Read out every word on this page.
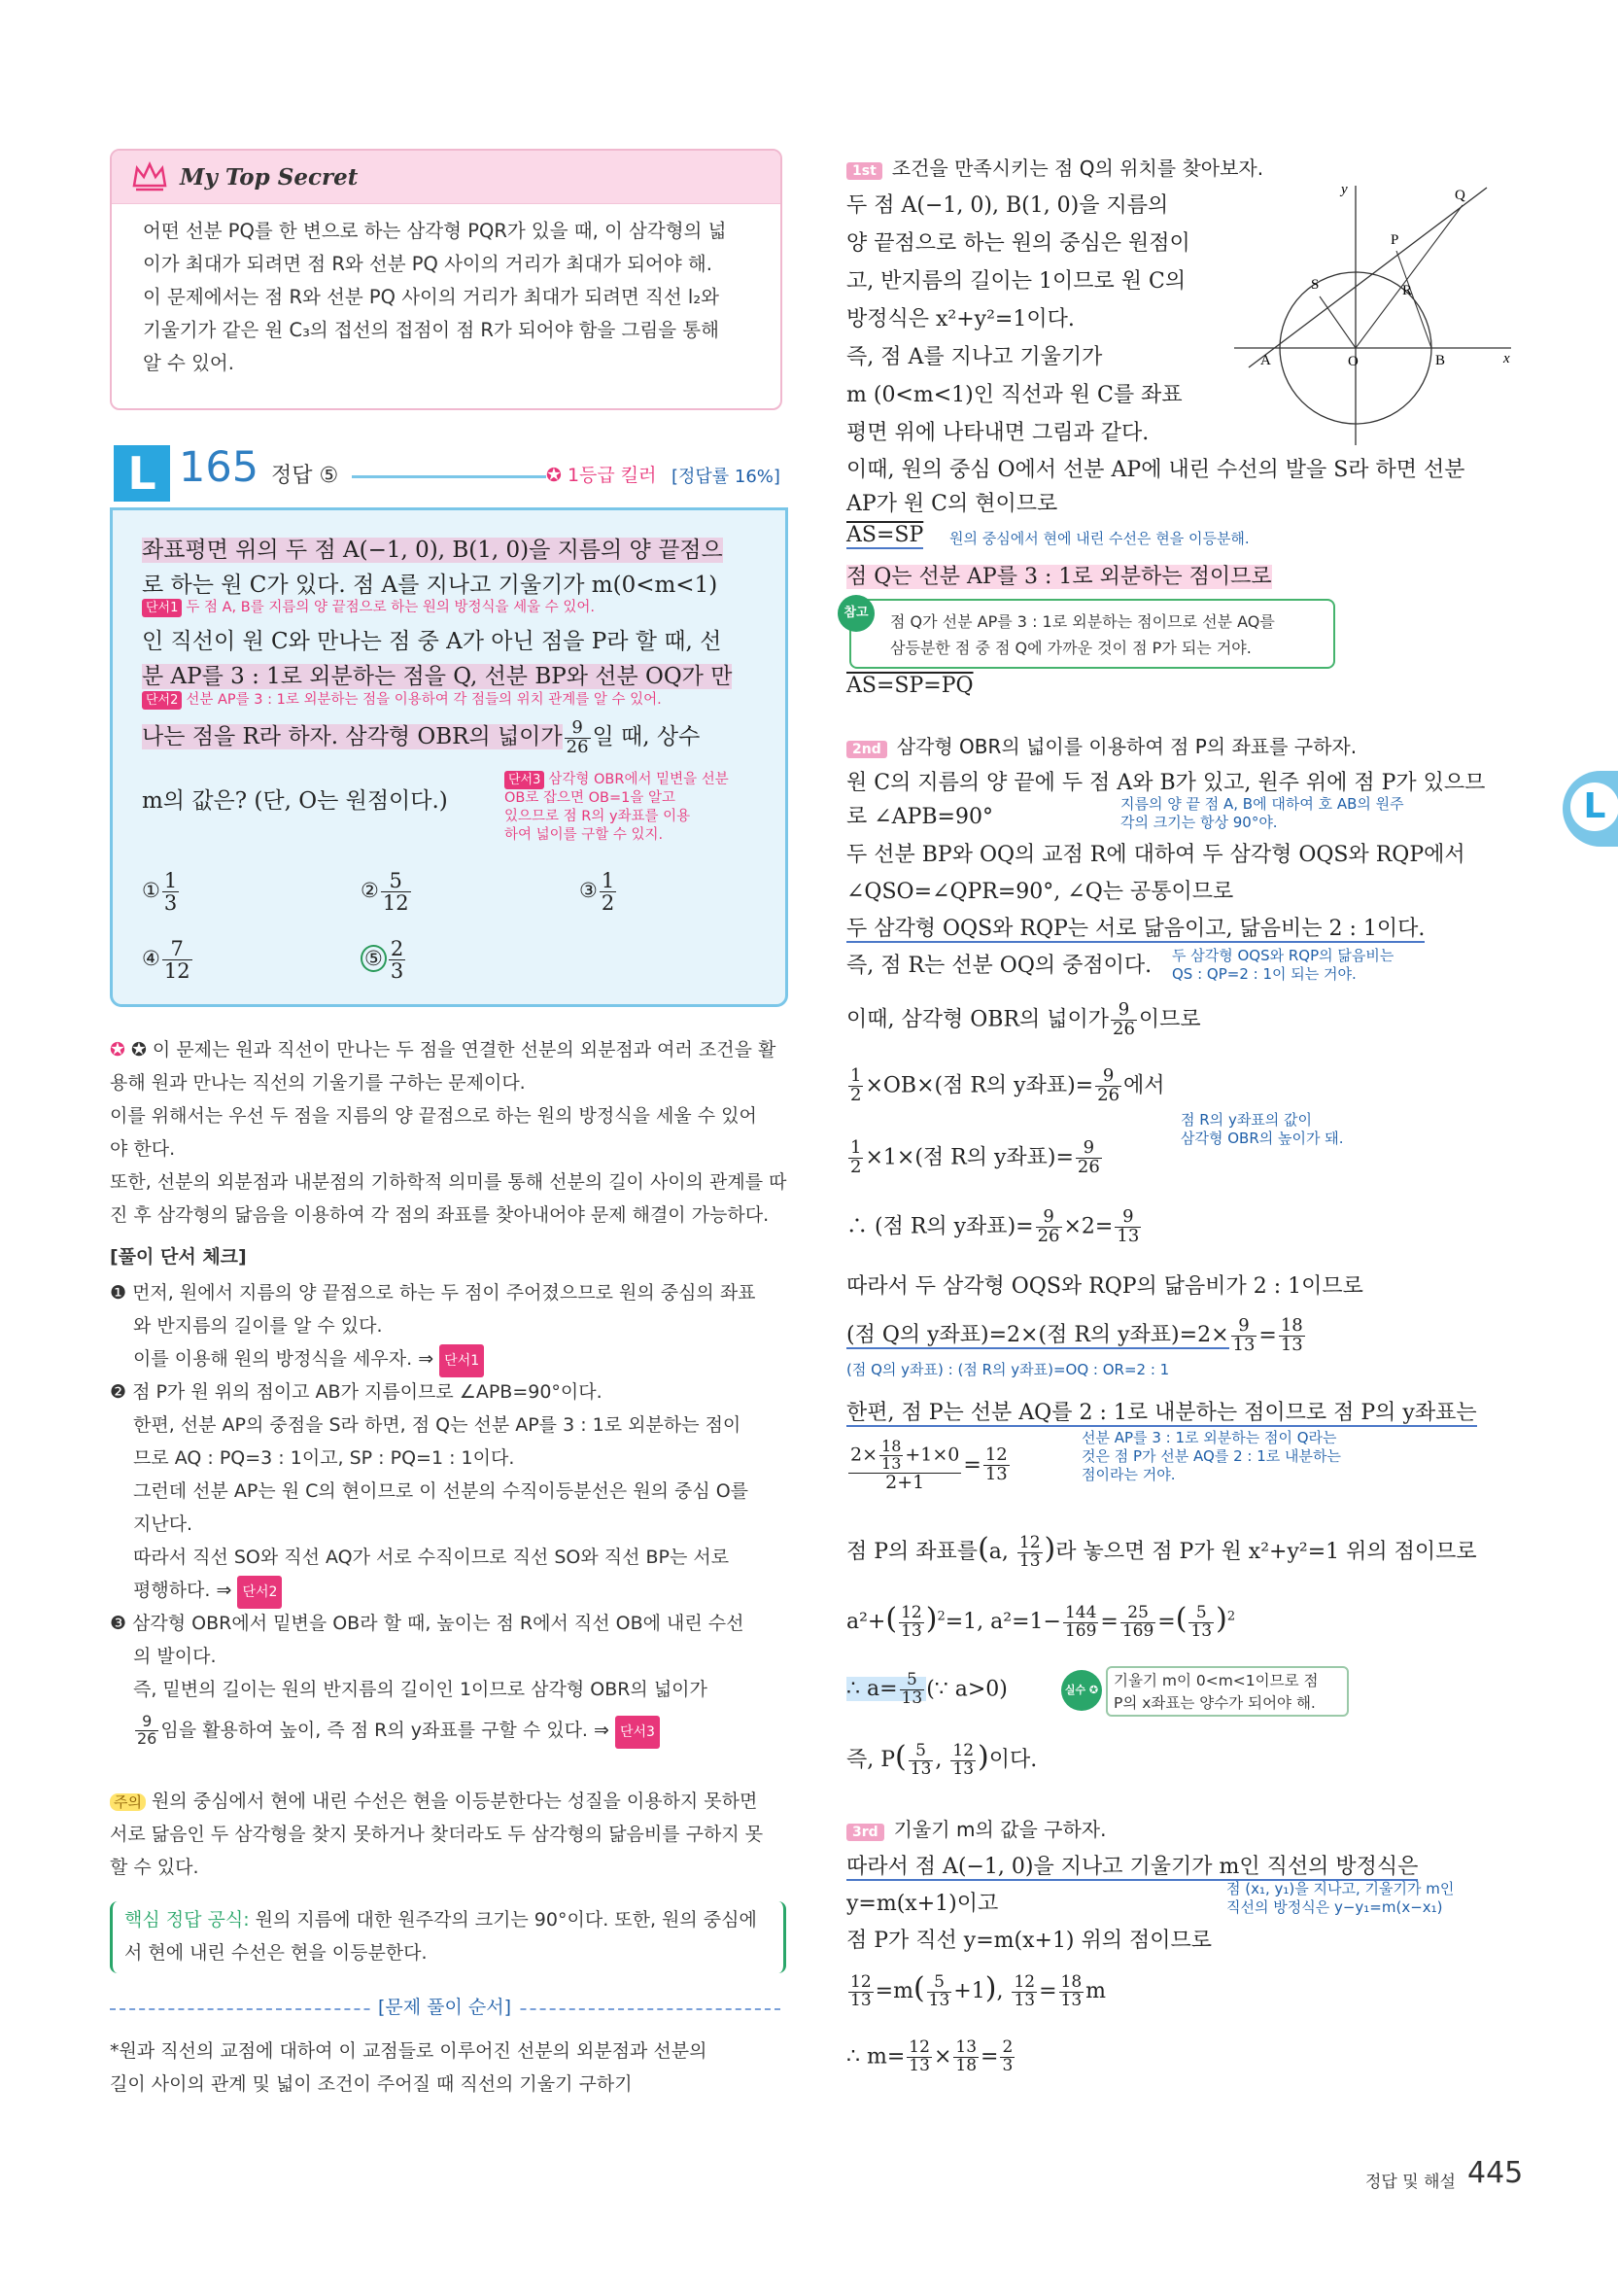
My Top Secret
어떤 선분 PQ를 한 변으로 하는 삼각형 PQR가 있을 때, 이 삼각형의 넓
이가 최대가 되려면 점 R와 선분 PQ 사이의 거리가 최대가 되어야 해.
이 문제에서는 점 R와 선분 PQ 사이의 거리가 최대가 되려면 직선 l₂와
기울기가 같은 원 C₃의 접선의 접점이 점 R가 되어야 함을 그림을 통해
알 수 있어.
L 165 정답 ⑤	✪ 1등급 킬러 [정답률 16%]
좌표평면 위의 두 점 A(−1, 0), B(1, 0)을 지름의 양 끝점으
로 하는 원 C가 있다. 점 A를 지나고 기울기가 m(0<m<1)
단서1 두 점 A, B를 지름의 양 끝점으로 하는 원의 방정식을 세울 수 있어.
인 직선이 원 C와 만나는 점 중 A가 아닌 점을 P라 할 때, 선
분 AP를 3 : 1로 외분하는 점을 Q, 선분 BP와 선분 OQ가 만
단서2 선분 AP를 3 : 1로 외분하는 점을 이용하여 각 점들의 위치 관계를 알 수 있어.
나는 점을 R라 하자. 삼각형 OBR의 넓이가 $\frac{9}{26}$ 일 때, 상수
m의 값은? (단, O는 원점이다.)
단서3 삼각형 OBR에서 밑변을 선분
OB로 잡으면 OB=1을 알고
있으므로 점 R의 y좌표를 이용
하여 넓이를 구할 수 있지.
① $\frac{1}{3}$	② $\frac{5}{12}$	③ $\frac{1}{2}$
④ $\frac{7}{12}$	⑤ $\frac{2}{3}$
✪ ✪ 이 문제는 원과 직선이 만나는 두 점을 연결한 선분의 외분점과 여러 조건을 활
용해 원과 만나는 직선의 기울기를 구하는 문제이다.
이를 위해서는 우선 두 점을 지름의 양 끝점으로 하는 원의 방정식을 세울 수 있어
야 한다.
또한, 선분의 외분점과 내분점의 기하학적 의미를 통해 선분의 길이 사이의 관계를 따
진 후 삼각형의 닮음을 이용하여 각 점의 좌표를 찾아내어야 문제 해결이 가능하다.
[풀이 단서 체크]
❶ 먼저, 원에서 지름의 양 끝점으로 하는 두 점이 주어졌으므로 원의 중심의 좌표
와 반지름의 길이를 알 수 있다.
이를 이용해 원의 방정식을 세우자. ⇒ 단서1
❷ 점 P가 원 위의 점이고 AB가 지름이므로 ∠APB=90°이다.
한편, 선분 AP의 중점을 S라 하면, 점 Q는 선분 AP를 3 : 1로 외분하는 점이
므로 AQ : PQ=3 : 1이고, SP : PQ=1 : 1이다.
그런데 선분 AP는 원 C의 현이므로 이 선분의 수직이등분선은 원의 중심 O를
지난다.
따라서 직선 SO와 직선 AQ가 서로 수직이므로 직선 SO와 직선 BP는 서로
평행하다. ⇒ 단서2
❸ 삼각형 OBR에서 밑변을 OB라 할 때, 높이는 점 R에서 직선 OB에 내린 수선
의 발이다.
즉, 밑변의 길이는 원의 반지름의 길이인 1이므로 삼각형 OBR의 넓이가
$\frac{9}{26}$ 임을 활용하여 높이, 즉 점 R의 y좌표를 구할 수 있다. ⇒ 단서3
주의 원의 중심에서 현에 내린 수선은 현을 이등분한다는 성질을 이용하지 못하면
서로 닮음인 두 삼각형을 찾지 못하거나 찾더라도 두 삼각형의 닮음비를 구하지 못
할 수 있다.
핵심 정답 공식: 원의 지름에 대한 원주각의 크기는 90°이다. 또한, 원의 중심에
서 현에 내린 수선은 현을 이등분한다.
[문제 풀이 순서]
*원과 직선의 교점에 대하여 이 교점들로 이루어진 선분의 외분점과 선분의
길이 사이의 관계 및 넓이 조건이 주어질 때 직선의 기울기 구하기
L
1st 조건을 만족시키는 점 Q의 위치를 찾아보자.
두 점 A(−1, 0), B(1, 0)을 지름의
양 끝점으로 하는 원의 중심은 원점이
고, 반지름의 길이는 1이므로 원 C의
방정식은 x²+y²=1이다.
즉, 점 A를 지나고 기울기가
m (0<m<1)인 직선과 원 C를 좌표
평면 위에 나타내면 그림과 같다.
Q
P
R
S
A	O	B	x
y
이때, 원의 중심 O에서 선분 AP에 내린 수선의 발을 S라 하면 선분
AP가 원 C의 현이므로
AS=SP 원의 중심에서 현에 내린 수선은 현을 이등분해.
점 Q는 선분 AP를 3 : 1로 외분하는 점이므로
참고	점 Q가 선분 AP를 3 : 1로 외분하는 점이므로 선분 AQ를
삼등분한 점 중 점 Q에 가까운 것이 점 P가 되는 거야.
AS=SP=PQ
2nd 삼각형 OBR의 넓이를 이용하여 점 P의 좌표를 구하자.
원 C의 지름의 양 끝에 두 점 A와 B가 있고, 원주 위에 점 P가 있으므
로 ∠APB=90°
지름의 양 끝 점 A, B에 대하여 호 AB의 원주
각의 크기는 항상 90°야.
두 선분 BP와 OQ의 교점 R에 대하여 두 삼각형 OQS와 RQP에서
∠QSO=∠QPR=90°, ∠Q는 공통이므로
두 삼각형 OQS와 RQP는 서로 닮음이고, 닮음비는 2 : 1이다.
즉, 점 R는 선분 OQ의 중점이다. 두 삼각형 OQS와 RQP의 닮음비는
QS : QP=2 : 1이 되는 거야.
이때, 삼각형 OBR의 넓이가 $\frac{9}{26}$ 이므로
$\frac{1}{2} \times OB\times$(점 R의 y좌표)= $\frac{9}{26}$ 에서
점 R의 y좌표의 값이
삼각형 OBR의 높이가 돼.
$\frac{1}{2} \times 1\times$(점 R의 y좌표)= $\frac{9}{26}$
∴ (점 R의 y좌표)= $\frac{9}{26} \times 2= \frac{9}{13}$
따라서 두 삼각형 OQS와 RQP의 닮음비가 2 : 1이므로
(점 Q의 y좌표)=2×(점 R의 y좌표)$=2\times \frac{9}{13} = \frac{18}{13}$
(점 Q의 y좌표) : (점 R의 y좌표)=OQ : OR=2 : 1
한편, 점 P는 선분 AQ를 2 : 1로 내분하는 점이므로 점 P의 y좌표는
선분 AP를 3 : 1로 외분하는 점이 Q라는
것은 점 P가 선분 AQ를 2 : 1로 내분하는
점이라는 거야.
$\frac{2\times \frac{18}{13} +1\times 0}{2+1} = \frac{12}{13}$
점 P의 좌표를(a, $\frac{12}{13}$ )라 놓으면 점 P가 원 x²+y²=1 위의 점이므로
$a^2+( \frac{12}{13} )^2=1$, $a^2=1- \frac{144}{169} = \frac{25}{169}$ =( $\frac{5}{13} )^2$
∴ $a= \frac{5}{13}$ (∵ a>0)	실수 ✪
기울기 m이 0<m<1이므로 점
P의 x좌표는 양수가 되어야 해.
즉, $P( \frac{5}{13}$ , $\frac{12}{13}$ )이다.
3rd 기울기 m의 값을 구하자.
따라서 점 A(−1, 0)을 지나고 기울기가 m인 직선의 방정식은
y=m(x+1)이고
점 (x₁, y₁)을 지나고, 기울기가 m인
직선의 방정식은 y−y₁=m(x−x₁)
점 P가 직선 y=m(x+1) 위의 점이므로
$\frac{12}{13} =m( \frac{5}{13} +1)$, $\frac{12}{13} = \frac{18}{13}$ m
∴ $m= \frac{12}{13} \times \frac{13}{18} = \frac{2}{3}$
정답 및 해설 445
